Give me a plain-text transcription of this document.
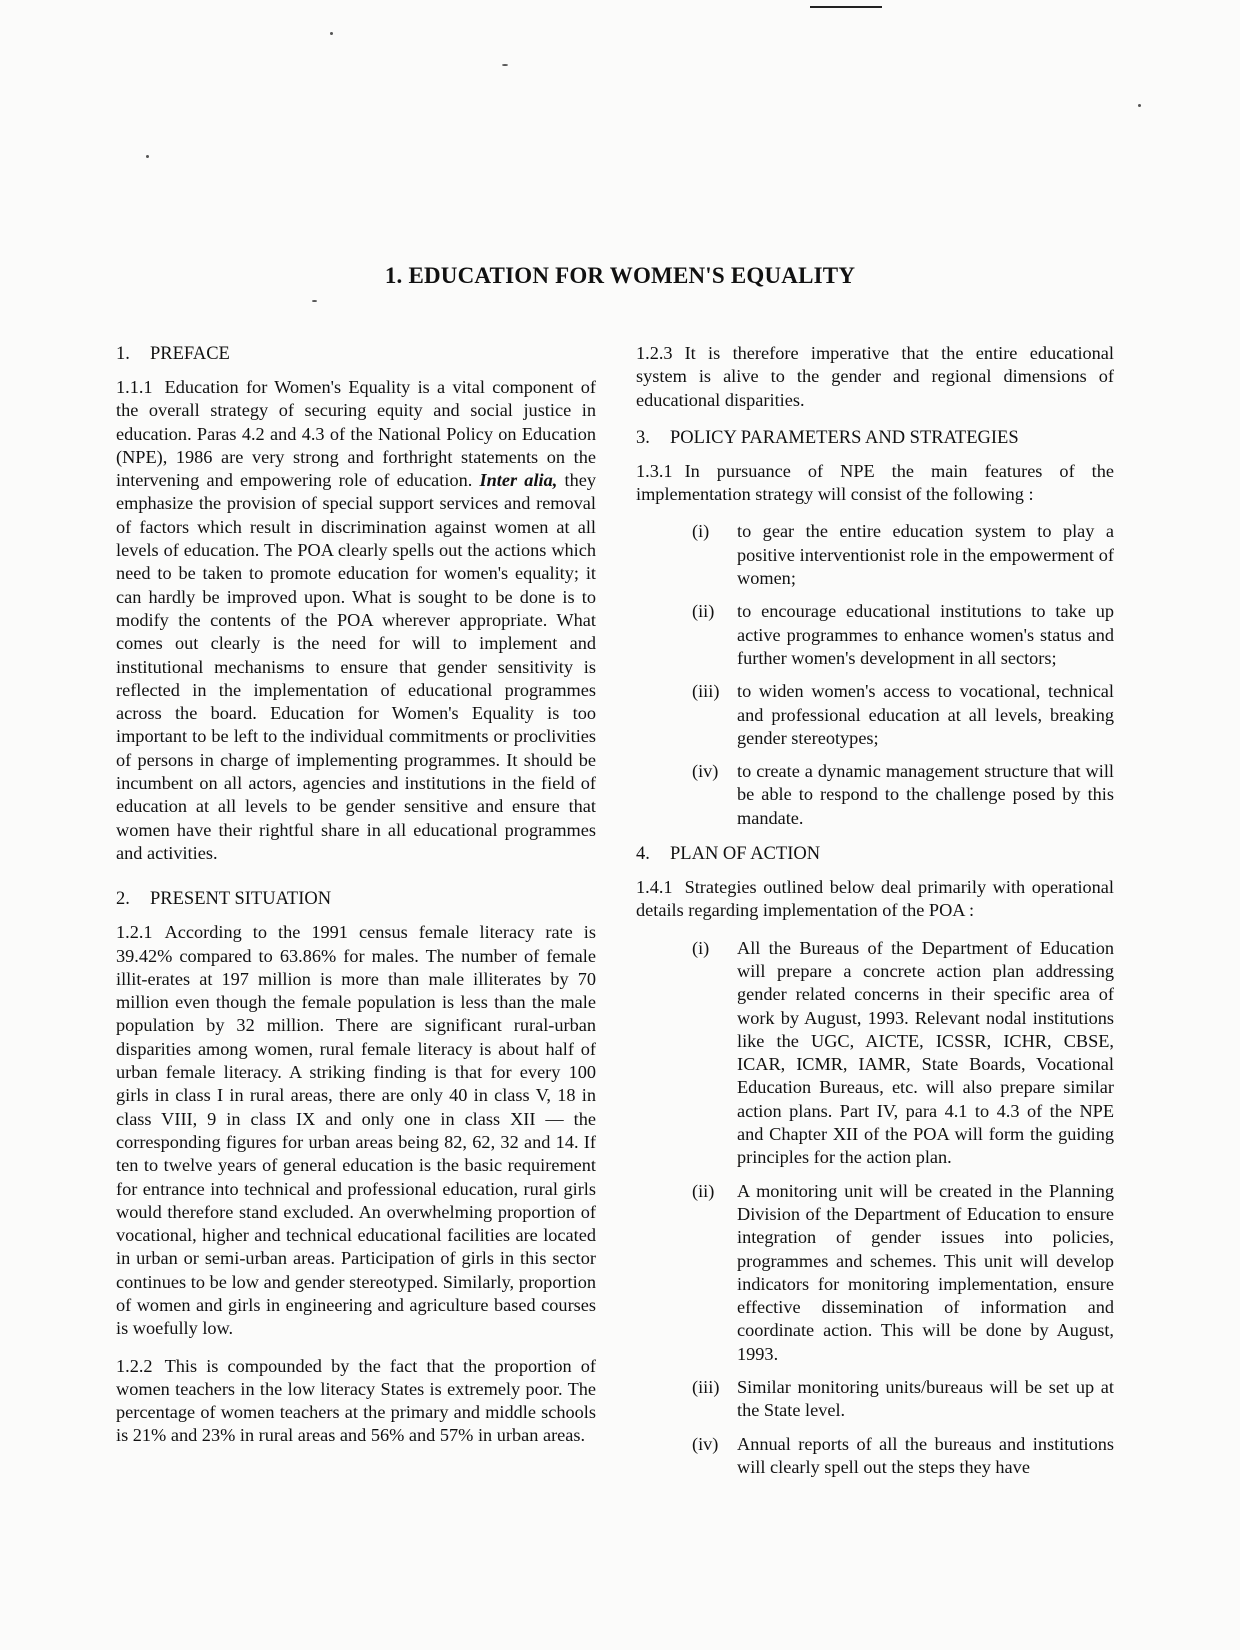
1. EDUCATION FOR WOMEN'S EQUALITY
1. PREFACE

1.1.1 Education for Women's Equality is a vital component of the overall strategy of securing equity and social justice in education. Paras 4.2 and 4.3 of the National Policy on Education (NPE), 1986 are very strong and forthright statements on the intervening and empowering role of education. Inter alia, they emphasize the provision of special support services and removal of factors which result in discrimination against women at all levels of education. The POA clearly spells out the actions which need to be taken to promote education for women's equality; it can hardly be improved upon. What is sought to be done is to modify the contents of the POA wherever appropriate. What comes out clearly is the need for will to implement and institutional mechanisms to ensure that gender sensitivity is reflected in the implementation of educational programmes across the board. Education for Women's Equality is too important to be left to the individual commitments or proclivities of persons in charge of implementing programmes. It should be incumbent on all actors, agencies and institutions in the field of education at all levels to be gender sensitive and ensure that women have their rightful share in all educational programmes and activities.

2. PRESENT SITUATION

1.2.1 According to the 1991 census female literacy rate is 39.42% compared to 63.86% for males. The number of female illit-erates at 197 million is more than male illiterates by 70 million even though the female population is less than the male population by 32 million. There are significant rural-urban disparities among women, rural female literacy is about half of urban female literacy. A striking finding is that for every 100 girls in class I in rural areas, there are only 40 in class V, 18 in class VIII, 9 in class IX and only one in class XII — the corresponding figures for urban areas being 82, 62, 32 and 14. If ten to twelve years of general education is the basic requirement for entrance into technical and professional education, rural girls would therefore stand excluded. An overwhelming proportion of vocational, higher and technical educational facilities are located in urban or semi-urban areas. Participation of girls in this sector continues to be low and gender stereotyped. Similarly, proportion of women and girls in engineering and agriculture based courses is woefully low.

1.2.2 This is compounded by the fact that the proportion of women teachers in the low literacy States is extremely poor. The percentage of women teachers at the primary and middle schools is 21% and 23% in rural areas and 56% and 57% in urban areas.

1.2.3 It is therefore imperative that the entire educational system is alive to the gender and regional dimensions of educational disparities.

3. POLICY PARAMETERS AND STRATEGIES

1.3.1 In pursuance of NPE the main features of the implementation strategy will consist of the following :

(i)	to gear the entire education system to play a positive interventionist role in the empowerment of women;
(ii)	to encourage educational institutions to take up active programmes to enhance women's status and further women's development in all sectors;
(iii) to widen women's access to vocational, technical and professional education at all levels, breaking gender stereotypes;
(iv)	to create a dynamic management structure that will be able to respond to the challenge posed by this mandate.
4. PLAN OF ACTION

1.4.1 Strategies outlined below deal primarily with operational details regarding implementation of the POA :

(i)	All the Bureaus of the Department of Education will prepare a concrete action plan addressing gender related concerns in their specific area of work by August, 1993. Relevant nodal institutions like the UGC, AICTE, ICSSR, ICHR, CBSE, ICAR, ICMR, IAMR, State Boards, Vocational Education Bureaus, etc. will also prepare similar action plans. Part IV, para 4.1 to 4.3 of the NPE and Chapter XII of the POA will form the guiding principles for the action plan.
(ii)	A monitoring unit will be created in the Planning Division of the Department of Education to ensure integration of gender issues into policies, programmes and schemes. This unit will develop indicators for monitoring implementation, ensure effective dissemination of information and coordinate action. This will be done by August, 1993.
(iii) Similar monitoring units/bureaus will be set up at the State level.
(iv)	Annual reports of all the bureaus and institutions will clearly spell out the steps they have
